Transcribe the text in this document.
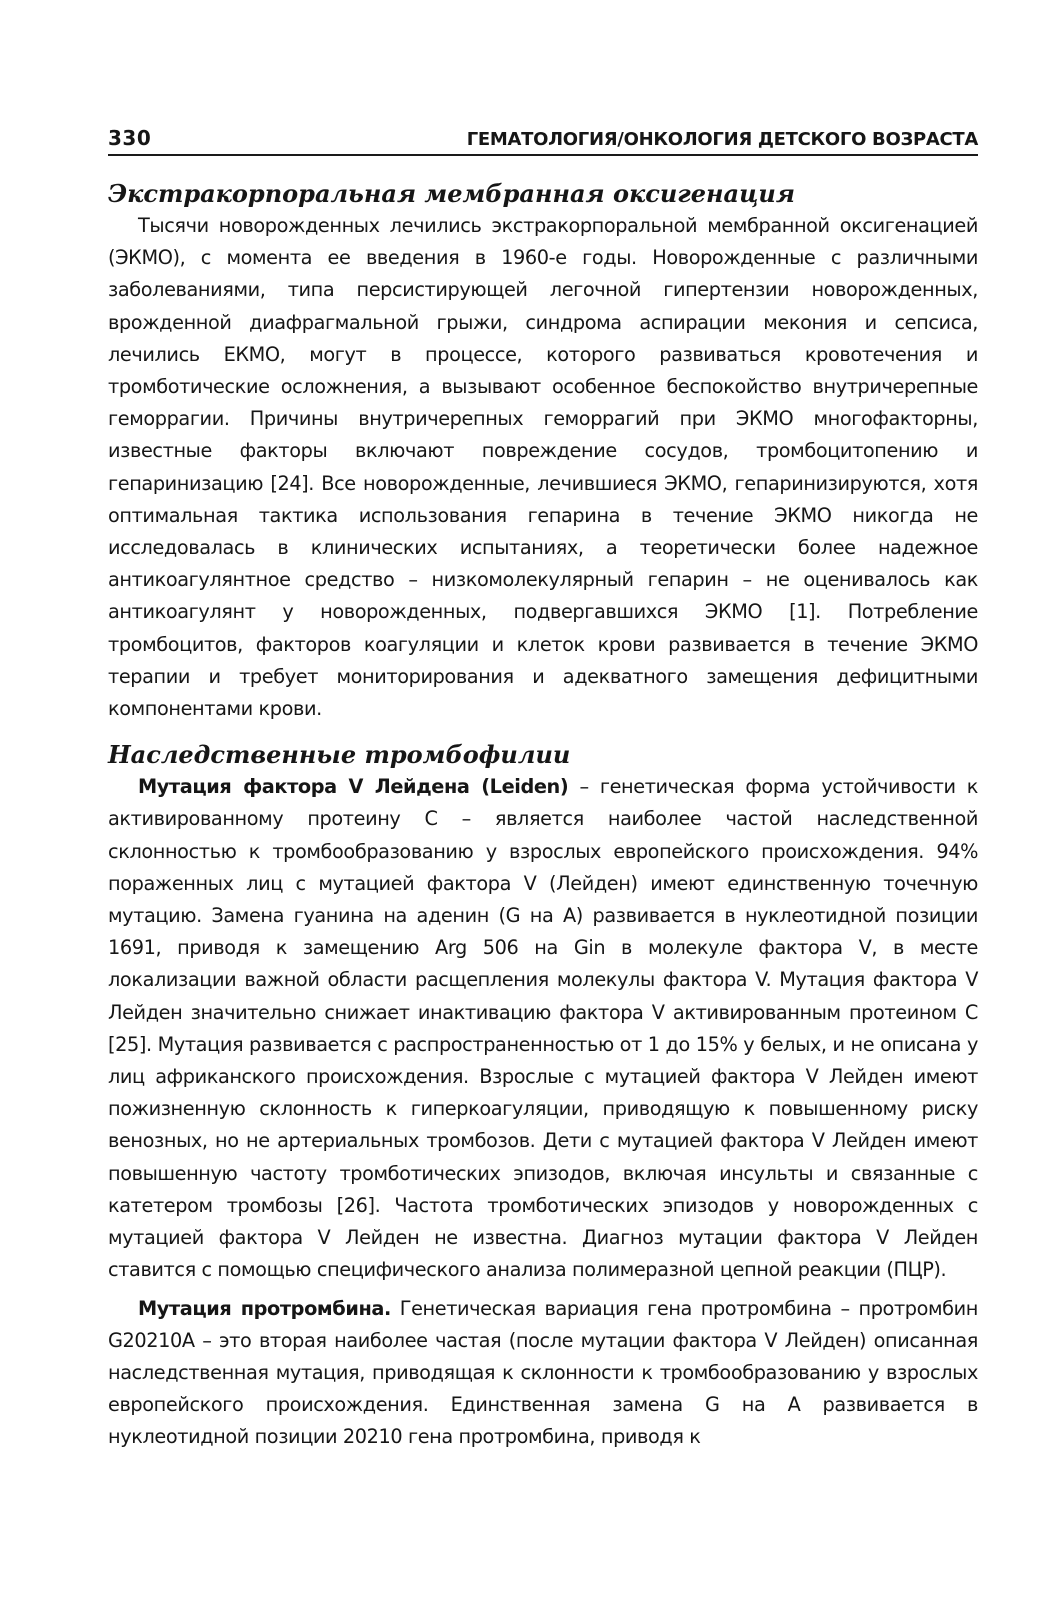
330	ГЕМАТОЛОГИЯ/ОНКОЛОГИЯ ДЕТСКОГО ВОЗРАСТА
Экстракорпоральная мембранная оксигенация

Тысячи новорожденных лечились экстракорпоральной мембранной оксигенацией (ЭКМО), с момента ее введения в 1960-е годы. Новорожденные с различными заболеваниями, типа персистирующей легочной гипертензии новорожденных, врожденной диафрагмальной грыжи, синдрома аспирации мекония и сепсиса, лечились ЕКМО, могут в процессе, которого развиваться кровотечения и тромботические осложнения, а вызывают особенное беспокойство внутричерепные геморрагии. Причины внутричерепных геморрагий при ЭКМО многофакторны, известные факторы включают повреждение сосудов, тромбоцитопению и гепаринизацию [24]. Все новорожденные, лечившиеся ЭКМО, гепаринизируются, хотя оптимальная тактика использования гепарина в течение ЭКМО никогда не исследовалась в клинических испытаниях, а теоретически более надежное антикоагулянтное средство – низкомолекулярный гепарин – не оценивалось как антикоагулянт у новорожденных, подвергавшихся ЭКМО [1]. Потребление тромбоцитов, факторов коагуляции и клеток крови развивается в течение ЭКМО терапии и требует мониторирования и адекватного замещения дефицитными компонентами крови.

Наследственные тромбофилии

Мутация фактора V Лейдена (Leiden) – генетическая форма устойчивости к активированному протеину С – является наиболее частой наследственной склонностью к тромбообразованию у взрослых европейского происхождения. 94% пораженных лиц с мутацией фактора V (Лейден) имеют единственную точечную мутацию. Замена гуанина на аденин (G на А) развивается в нуклеотидной позиции 1691, приводя к замещению Arg 506 на Gin в молекуле фактора V, в месте локализации важной области расщепления молекулы фактора V. Мутация фактора V Лейден значительно снижает инактивацию фактора V активированным протеином С [25]. Мутация развивается с распространенностью от 1 до 15% у белых, и не описана у лиц африканского происхождения. Взрослые с мутацией фактора V Лейден имеют пожизненную склонность к гиперкоагуляции, приводящую к повышенному риску венозных, но не артериальных тромбозов. Дети с мутацией фактора V Лейден имеют повышенную частоту тромботических эпизодов, включая инсульты и связанные с катетером тромбозы [26]. Частота тромботических эпизодов у новорожденных с мутацией фактора V Лейден не известна. Диагноз мутации фактора V Лейден ставится с помощью специфического анализа полимеразной цепной реакции (ПЦР).

Мутация протромбина. Генетическая вариация гена протромбина – протромбин G20210A – это вторая наиболее частая (после мутации фактора V Лейден) описанная наследственная мутация, приводящая к склонности к тромбообразованию у взрослых европейского происхождения. Единственная замена G на А развивается в нуклеотидной позиции 20210 гена протромбина, приводя к
